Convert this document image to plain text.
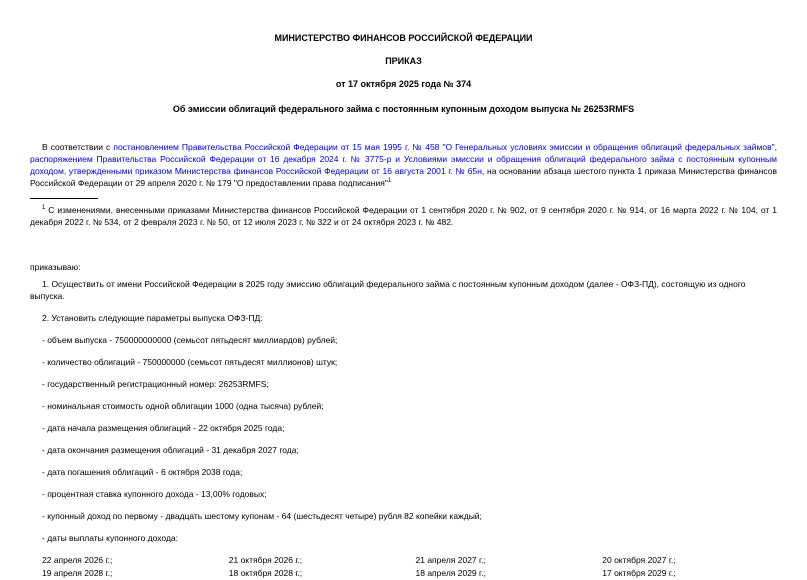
МИНИСТЕРСТВО ФИНАНСОВ РОССИЙСКОЙ ФЕДЕРАЦИИ
ПРИКАЗ
от 17 октября 2025 года № 374
Об эмиссии облигаций федерального займа с постоянным купонным доходом выпуска № 26253RMFS

В соответствии с постановлением Правительства Российской Федерации от 15 мая 1995 г. № 458 "О Генеральных условиях эмиссии и обращения облигаций федеральных займов", распоряжением Правительства Российской Федерации от 16 декабря 2024 г. № 3775-р и Условиями эмиссии и обращения облигаций федерального займа с постоянным купонным доходом, утвержденными приказом Министерства финансов Российской Федерации от 16 августа 2001 г. № 65н, на основании абзаца шестого пункта 1 приказа Министерства финансов Российской Федерации от 29 апреля 2020 г. № 179 "О предоставлении права подписания"$^1$

$^1$ С изменениями, внесенными приказами Министерства финансов Российской Федерации от 1 сентября 2020 г. № 902, от 9 сентября 2020 г. № 914, от 16 марта 2022 г. № 104, от 1 декабря 2022 г. № 534, от 2 февраля 2023 г. № 50, от 12 июля 2023 г. № 322 и от 24 октября 2023 г. № 482.

приказываю:

1. Осуществить от имени Российской Федерации в 2025 году эмиссию облигаций федерального займа с постоянным купонным доходом (далее - ОФЗ-ПД), состоящую из одного выпуска.

2. Установить следующие параметры выпуска ОФЗ-ПД:

- объем выпуска - 750000000000 (семьсот пятьдесят миллиардов) рублей;

- количество облигаций - 750000000 (семьсот пятьдесят миллионов) штук;

- государственный регистрационный номер: 26253RMFS;

- номинальная стоимость одной облигации 1000 (одна тысяча) рублей;

- дата начала размещения облигаций - 22 октября 2025 года;

- дата окончания размещения облигаций - 31 декабря 2027 года;

- дата погашения облигаций - 6 октября 2038 года;

- процентная ставка купонного дохода - 13,00% годовых;

- купонный доход по первому - двадцать шестому купонам - 64 (шестьдесят четыре) рубля 82 копейки каждый;

- даты выплаты купонного дохода:

22 апреля 2026 г.;	21 октября 2026 г.;	21 апреля 2027 г.;	20 октября 2027 г.;
19 апреля 2028 г.;	18 октября 2028 г.;	18 апреля 2029 г.;	17 октября 2029 г.;
